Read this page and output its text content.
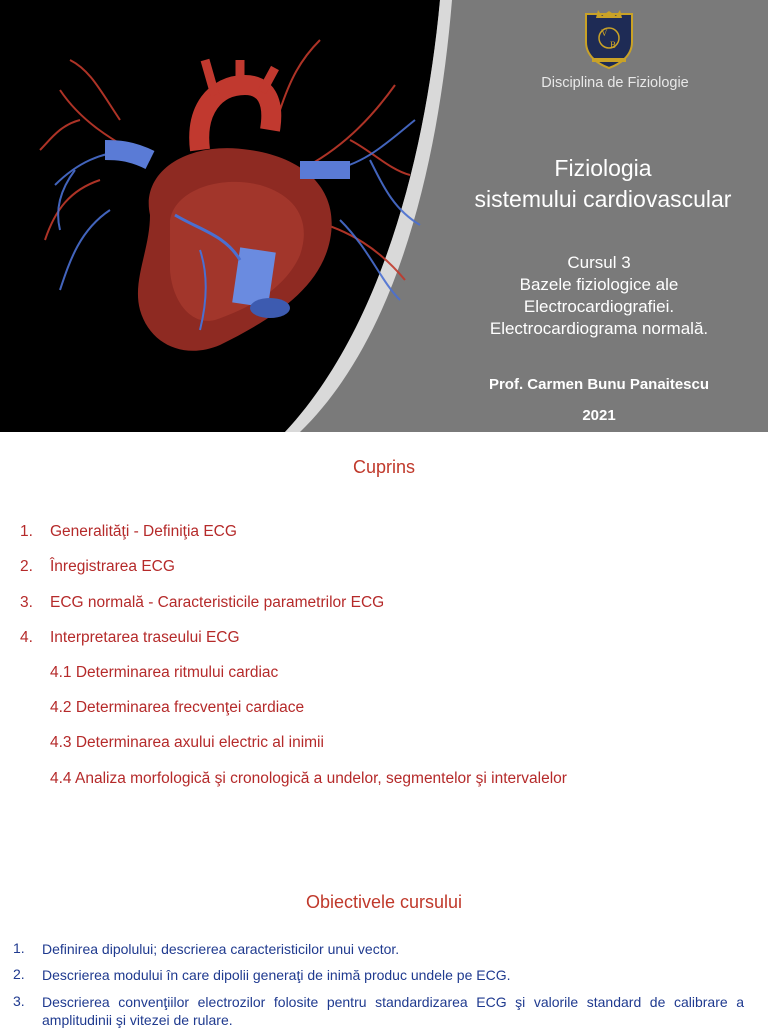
V
B
Disciplina de Fiziologie
Fiziologia
sistemului cardiovascular
Cursul 3
Bazele fiziologice ale
Electrocardiografiei.
Electrocardiograma normală.
Prof. Carmen Bunu Panaitescu
2021
Cuprins
1. Generalităţi - Definiţia ECG
2. Înregistrarea ECG
3. ECG normală - Caracteristicile parametrilor ECG
4. Interpretarea traseului ECG
4.1 Determinarea ritmului cardiac
4.2 Determinarea frecvenţei cardiace
4.3 Determinarea axului electric al inimii
4.4 Analiza morfologică şi cronologică a undelor, segmentelor şi intervalelor
Obiectivele cursului
1. Definirea dipolului; descrierea caracteristicilor unui vector.
2. Descrierea modului în care dipolii generaţi de inimă produc undele pe ECG.
3. Descrierea convenţiilor electrozilor folosite pentru standardizarea ECG şi valorile standard de calibrare a amplitudinii şi vitezei de rulare.
